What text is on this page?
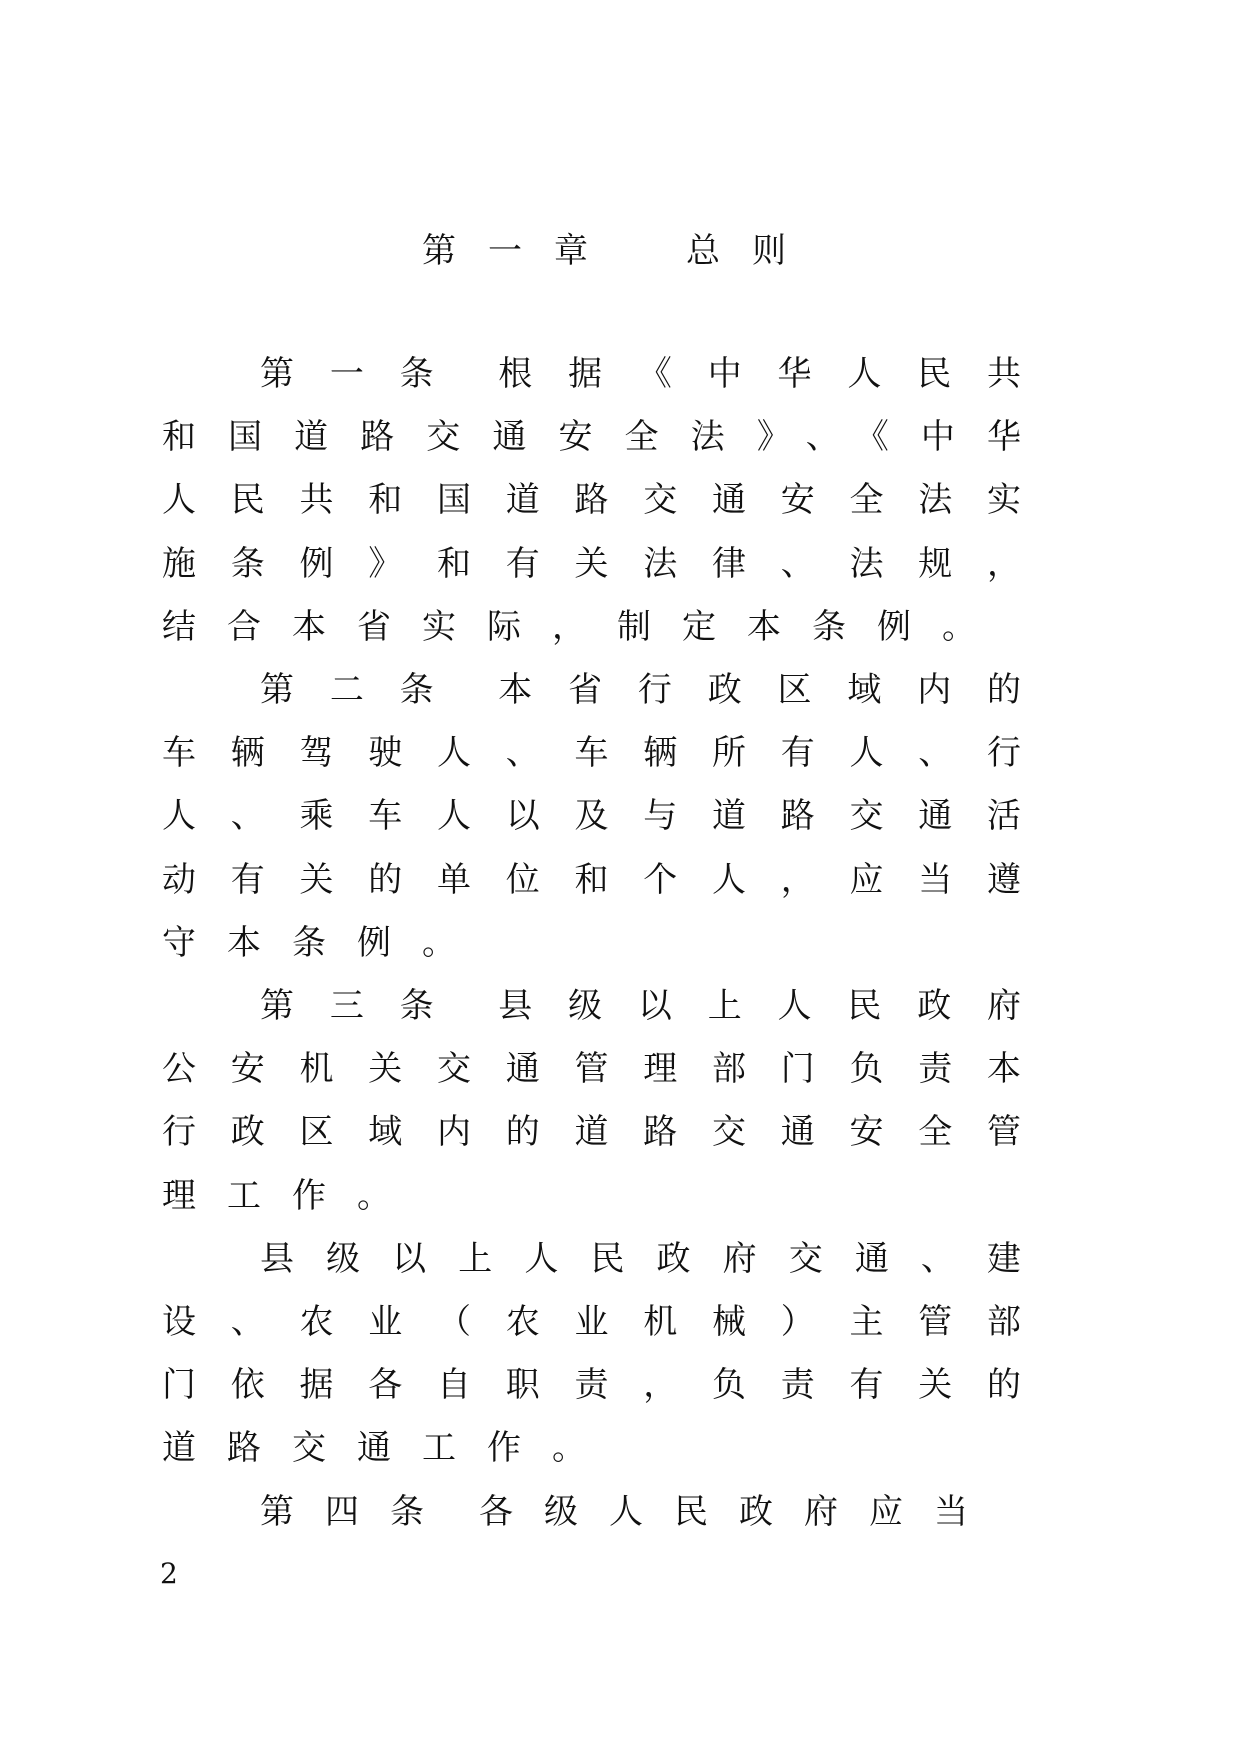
第一章　总则

第一条 根据《中华人民共和国道路交通安全法》、《中华人民共和国道路交通安全法实施条例》和有关法律、法规，结合本省实际，制定本条例。

第二条 本省行政区域内的车辆驾驶人、车辆所有人、行人、乘车人以及与道路交通活动有关的单位和个人，应当遵守本条例。

第三条 县级以上人民政府公安机关交通管理部门负责本行政区域内的道路交通安全管理工作。

县级以上人民政府交通、建设、农业（农业机械）主管部门依据各自职责，负责有关的道路交通工作。

第四条 各级人民政府应当

2
